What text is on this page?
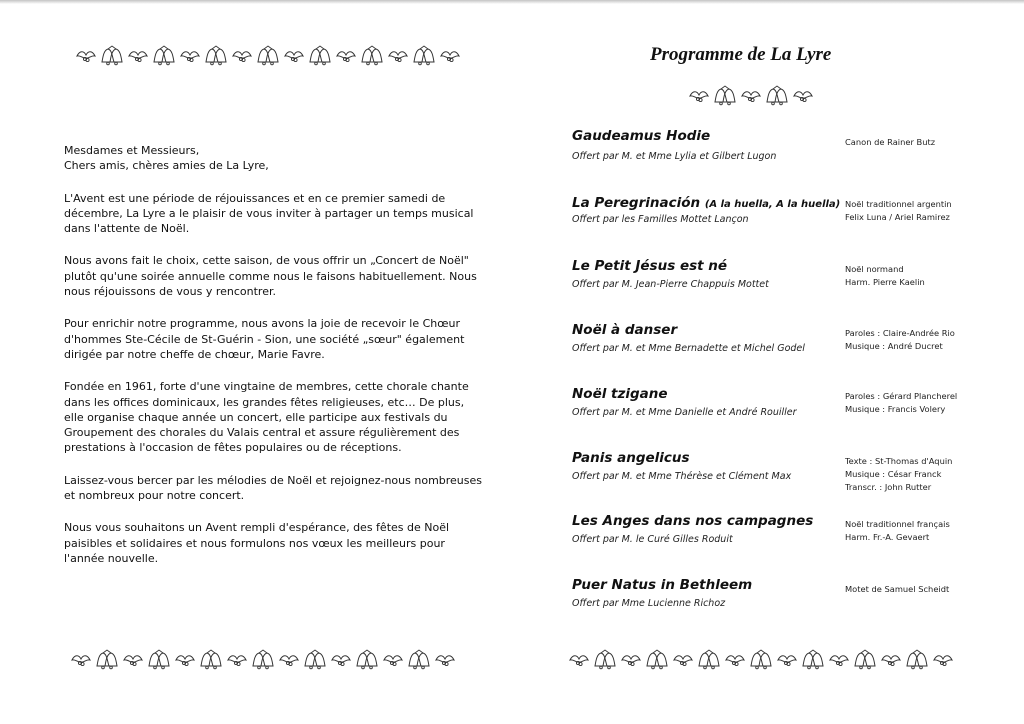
Mesdames et Messieurs,
Chers amis, chères amies de La Lyre,

L'Avent est une période de réjouissances et en ce premier samedi de décembre, La Lyre a le plaisir de vous inviter à partager un temps musical dans l'attente de Noël.

Nous avons fait le choix, cette saison, de vous offrir un „Concert de Noël" plutôt qu'une soirée annuelle comme nous le faisons habituellement. Nous nous réjouissons de vous y rencontrer.

Pour enrichir notre programme, nous avons la joie de recevoir le Chœur d'hommes Ste-Cécile de St-Guérin - Sion, une société „sœur" également dirigée par notre cheffe de chœur, Marie Favre.

Fondée en 1961, forte d'une vingtaine de membres, cette chorale chante dans les offices dominicaux, les grandes fêtes religieuses, etc… De plus, elle organise chaque année un concert, elle participe aux festivals du Groupement des chorales du Valais central et assure régulièrement des prestations à l'occasion de fêtes populaires ou de réceptions.

Laissez-vous bercer par les mélodies de Noël et rejoignez-nous nombreuses et nombreux pour notre concert.

Nous vous souhaitons un Avent rempli d'espérance, des fêtes de Noël paisibles et solidaires et nous formulons nos vœux les meilleurs pour l'année nouvelle.

Programme de La Lyre
Gaudeamus Hodie
Offert par M. et Mme Lylia et Gilbert Lugon
Canon de Rainer Butz
La Peregrinación (A la huella, A la huella)
Offert par les Familles Mottet Lançon
Noël traditionnel argentin
Felix Luna / Ariel Ramirez
Le Petit Jésus est né
Offert par M. Jean-Pierre Chappuis Mottet
Noël normand
Harm. Pierre Kaelin
Noël à danser
Offert par M. et Mme Bernadette et Michel Godel
Paroles : Claire-Andrée Rio
Musique : André Ducret
Noël tzigane
Offert par M. et Mme Danielle et André Rouiller
Paroles : Gérard Plancherel
Musique : Francis Volery
Panis angelicus
Offert par M. et Mme Thérèse et Clément Max
Texte : St-Thomas d'Aquin
Musique : César Franck
Transcr. : John Rutter
Les Anges dans nos campagnes
Offert par M. le Curé Gilles Roduit
Noël traditionnel français
Harm. Fr.-A. Gevaert
Puer Natus in Bethleem
Offert par Mme Lucienne Richoz
Motet de Samuel Scheidt
